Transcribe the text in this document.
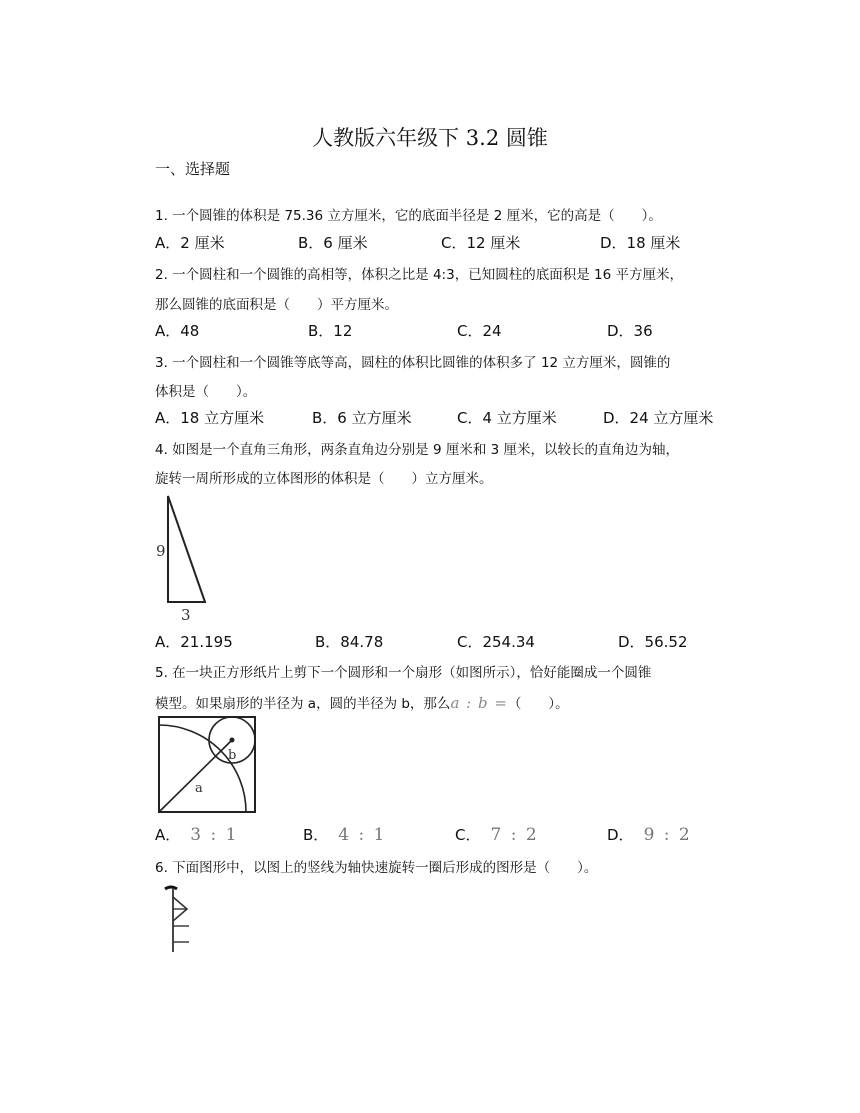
人教版六年级下 3.2 圆锥
一、选择题
1. 一个圆锥的体积是 75.36 立方厘米，它的底面半径是 2 厘米，它的高是（　　）。
A．2 厘米	B．6 厘米	C．12 厘米	D．18 厘米
2. 一个圆柱和一个圆锥的高相等，体积之比是 4:3，已知圆柱的底面积是 16 平方厘米，
那么圆锥的底面积是（　　）平方厘米。
A．48	B．12	C．24	D．36
3. 一个圆柱和一个圆锥等底等高，圆柱的体积比圆锥的体积多了 12 立方厘米，圆锥的
体积是（　　）。
A．18 立方厘米	B．6 立方厘米	C．4 立方厘米	D．24 立方厘米
4. 如图是一个直角三角形，两条直角边分别是 9 厘米和 3 厘米，以较长的直角边为轴，
旋转一周所形成的立体图形的体积是（　　）立方厘米。
9
3
A．21.195	B．84.78	C．254.34	D．56.52
5. 在一块正方形纸片上剪下一个圆形和一个扇形（如图所示），恰好能圈成一个圆锥
模型。如果扇形的半径为 a，圆的半径为 b，那么a : b =（　　）。
a
b
A． 3 : 1	B． 4 : 1	C． 7 : 2	D． 9 : 2
6. 下面图形中，以图上的竖线为轴快速旋转一圈后形成的图形是（　　）。
